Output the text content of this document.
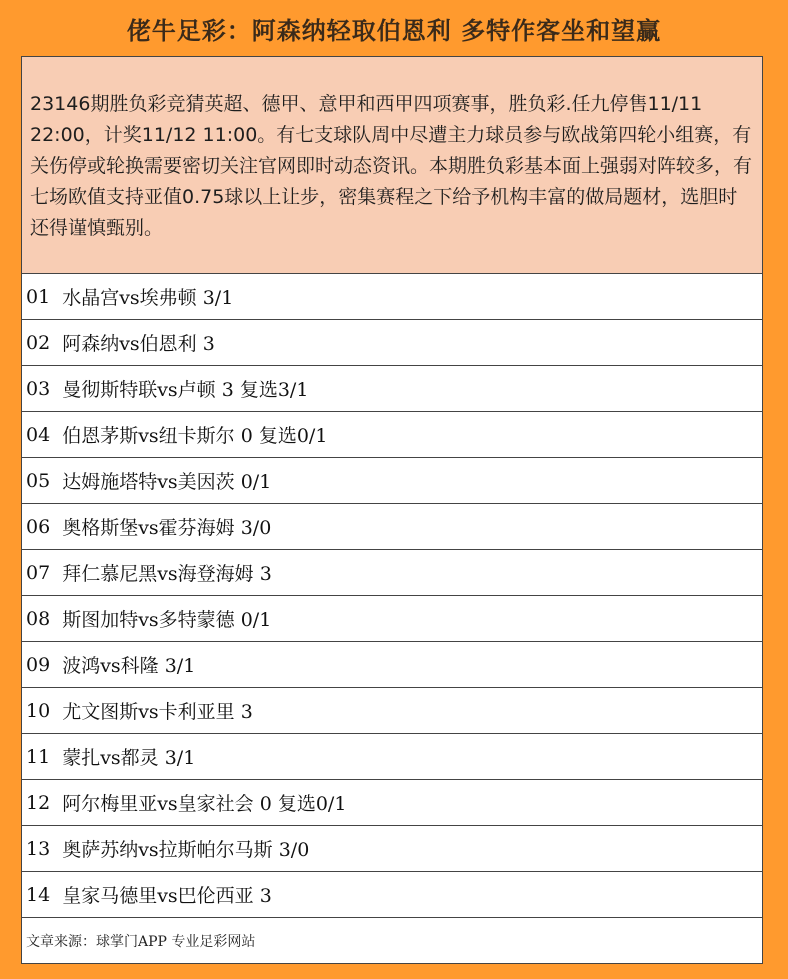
佬牛足彩：阿森纳轻取伯恩利 多特作客坐和望赢
23146期胜负彩竞猜英超、德甲、意甲和西甲四项赛事，胜负彩.任九停售11/11 22:00，计奖11/12 11:00。有七支球队周中尽遭主力球员参与欧战第四轮小组赛，有关伤停或轮换需要密切关注官网即时动态资讯。本期胜负彩基本面上强弱对阵较多，有七场欧值支持亚值0.75球以上让步，密集赛程之下给予机构丰富的做局题材，选胆时还得谨慎甄别。
01 水晶宫vs埃弗顿 3/1
02 阿森纳vs伯恩利 3
03 曼彻斯特联vs卢顿 3 复选3/1
04 伯恩茅斯vs纽卡斯尔 0 复选0/1
05 达姆施塔特vs美因茨 0/1
06 奥格斯堡vs霍芬海姆 3/0
07 拜仁慕尼黑vs海登海姆 3
08 斯图加特vs多特蒙德 0/1
09 波鸿vs科隆 3/1
10 尤文图斯vs卡利亚里 3
11 蒙扎vs都灵 3/1
12 阿尔梅里亚vs皇家社会 0 复选0/1
13 奥萨苏纳vs拉斯帕尔马斯 3/0
14 皇家马德里vs巴伦西亚 3
文章来源：球掌门APP 专业足彩网站
